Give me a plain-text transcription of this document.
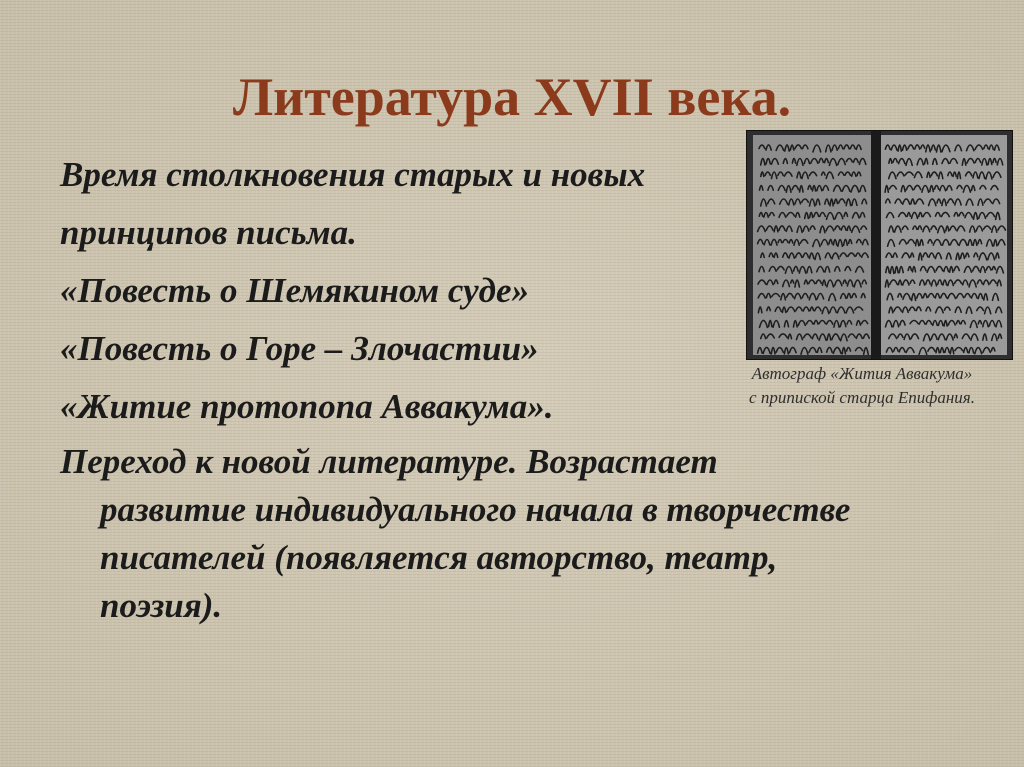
Литература XVII века.
Время столкновения старых и новых
принципов письма.
«Повесть о Шемякином суде»
«Повесть о Горе – Злочастии»
«Житие протопопа Аввакума».
Переход к новой литературе. Возрастает
развитие индивидуального начала в творчестве
писателей (появляется авторство, театр,
поэзия).
Автограф «Жития Аввакума»
с припиской старца Епифания.
